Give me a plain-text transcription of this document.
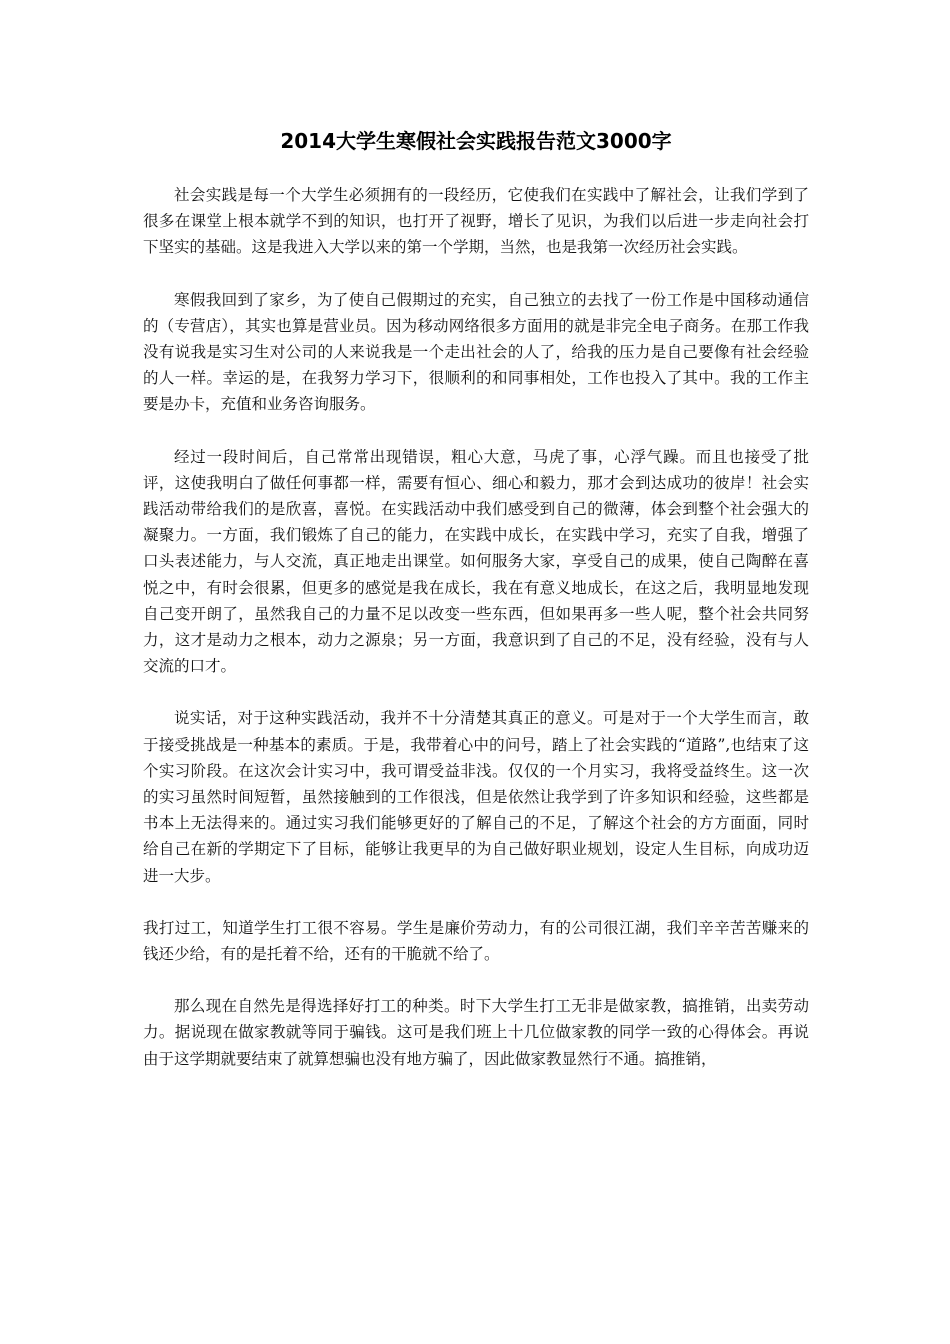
2014大学生寒假社会实践报告范文3000字

社会实践是每一个大学生必须拥有的一段经历，它使我们在实践中了解社会，让我们学到了很多在课堂上根本就学不到的知识，也打开了视野，增长了见识，为我们以后进一步走向社会打下坚实的基础。这是我进入大学以来的第一个学期，当然，也是我第一次经历社会实践。

寒假我回到了家乡，为了使自己假期过的充实，自己独立的去找了一份工作是中国移动通信的（专营店），其实也算是营业员。因为移动网络很多方面用的就是非完全电子商务。在那工作我没有说我是实习生对公司的人来说我是一个走出社会的人了，给我的压力是自己要像有社会经验的人一样。幸运的是，在我努力学习下，很顺利的和同事相处，工作也投入了其中。我的工作主要是办卡，充值和业务咨询服务。

经过一段时间后，自己常常出现错误，粗心大意，马虎了事，心浮气躁。而且也接受了批评，这使我明白了做任何事都一样，需要有恒心、细心和毅力，那才会到达成功的彼岸！社会实践活动带给我们的是欣喜，喜悦。在实践活动中我们感受到自己的微薄，体会到整个社会强大的凝聚力。一方面，我们锻炼了自己的能力，在实践中成长，在实践中学习，充实了自我，增强了口头表述能力，与人交流，真正地走出课堂。如何服务大家，享受自己的成果，使自己陶醉在喜悦之中，有时会很累，但更多的感觉是我在成长，我在有意义地成长，在这之后，我明显地发现自己变开朗了，虽然我自己的力量不足以改变一些东西，但如果再多一些人呢，整个社会共同努力，这才是动力之根本，动力之源泉；另一方面，我意识到了自己的不足，没有经验，没有与人交流的口才。

说实话，对于这种实践活动，我并不十分清楚其真正的意义。可是对于一个大学生而言，敢于接受挑战是一种基本的素质。于是，我带着心中的问号，踏上了社会实践的“道路”,也结束了这个实习阶段。在这次会计实习中，我可谓受益非浅。仅仅的一个月实习，我将受益终生。这一次的实习虽然时间短暂，虽然接触到的工作很浅，但是依然让我学到了许多知识和经验，这些都是书本上无法得来的。通过实习我们能够更好的了解自己的不足，了解这个社会的方方面面，同时给自己在新的学期定下了目标，能够让我更早的为自己做好职业规划，设定人生目标，向成功迈进一大步。

我打过工，知道学生打工很不容易。学生是廉价劳动力，有的公司很江湖，我们辛辛苦苦赚来的钱还少给，有的是托着不给，还有的干脆就不给了。

那么现在自然先是得选择好打工的种类。时下大学生打工无非是做家教，搞推销，出卖劳动力。据说现在做家教就等同于骗钱。这可是我们班上十几位做家教的同学一致的心得体会。再说由于这学期就要结束了就算想骗也没有地方骗了，因此做家教显然行不通。搞推销，
